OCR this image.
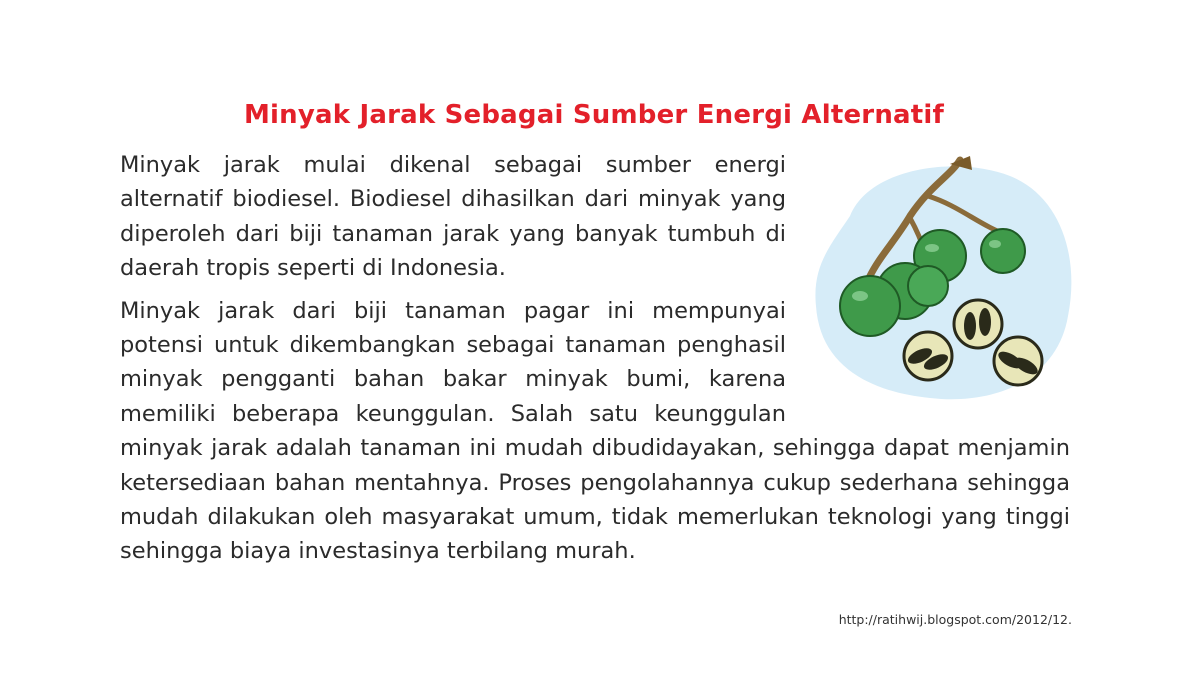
Minyak Jarak Sebagai Sumber Energi Alternatif

Minyak jarak mulai dikenal sebagai sumber energi alternatif biodiesel. Biodiesel dihasilkan dari minyak yang diperoleh dari biji tanaman jarak yang banyak tumbuh di daerah tropis seperti di Indonesia.

Minyak jarak dari biji tanaman pagar ini mempunyai potensi untuk dikembangkan sebagai tanaman penghasil minyak pengganti bahan bakar minyak bumi, karena memiliki beberapa keunggulan. Salah satu keunggulan minyak jarak adalah tanaman ini mudah dibudidayakan, sehingga dapat menjamin ketersediaan bahan mentahnya. Proses pengolahannya cukup sederhana sehingga mudah dilakukan oleh masyarakat umum, tidak memerlukan teknologi yang tinggi sehingga biaya investasinya terbilang murah.

http://ratihwij.blogspot.com/2012/12.
